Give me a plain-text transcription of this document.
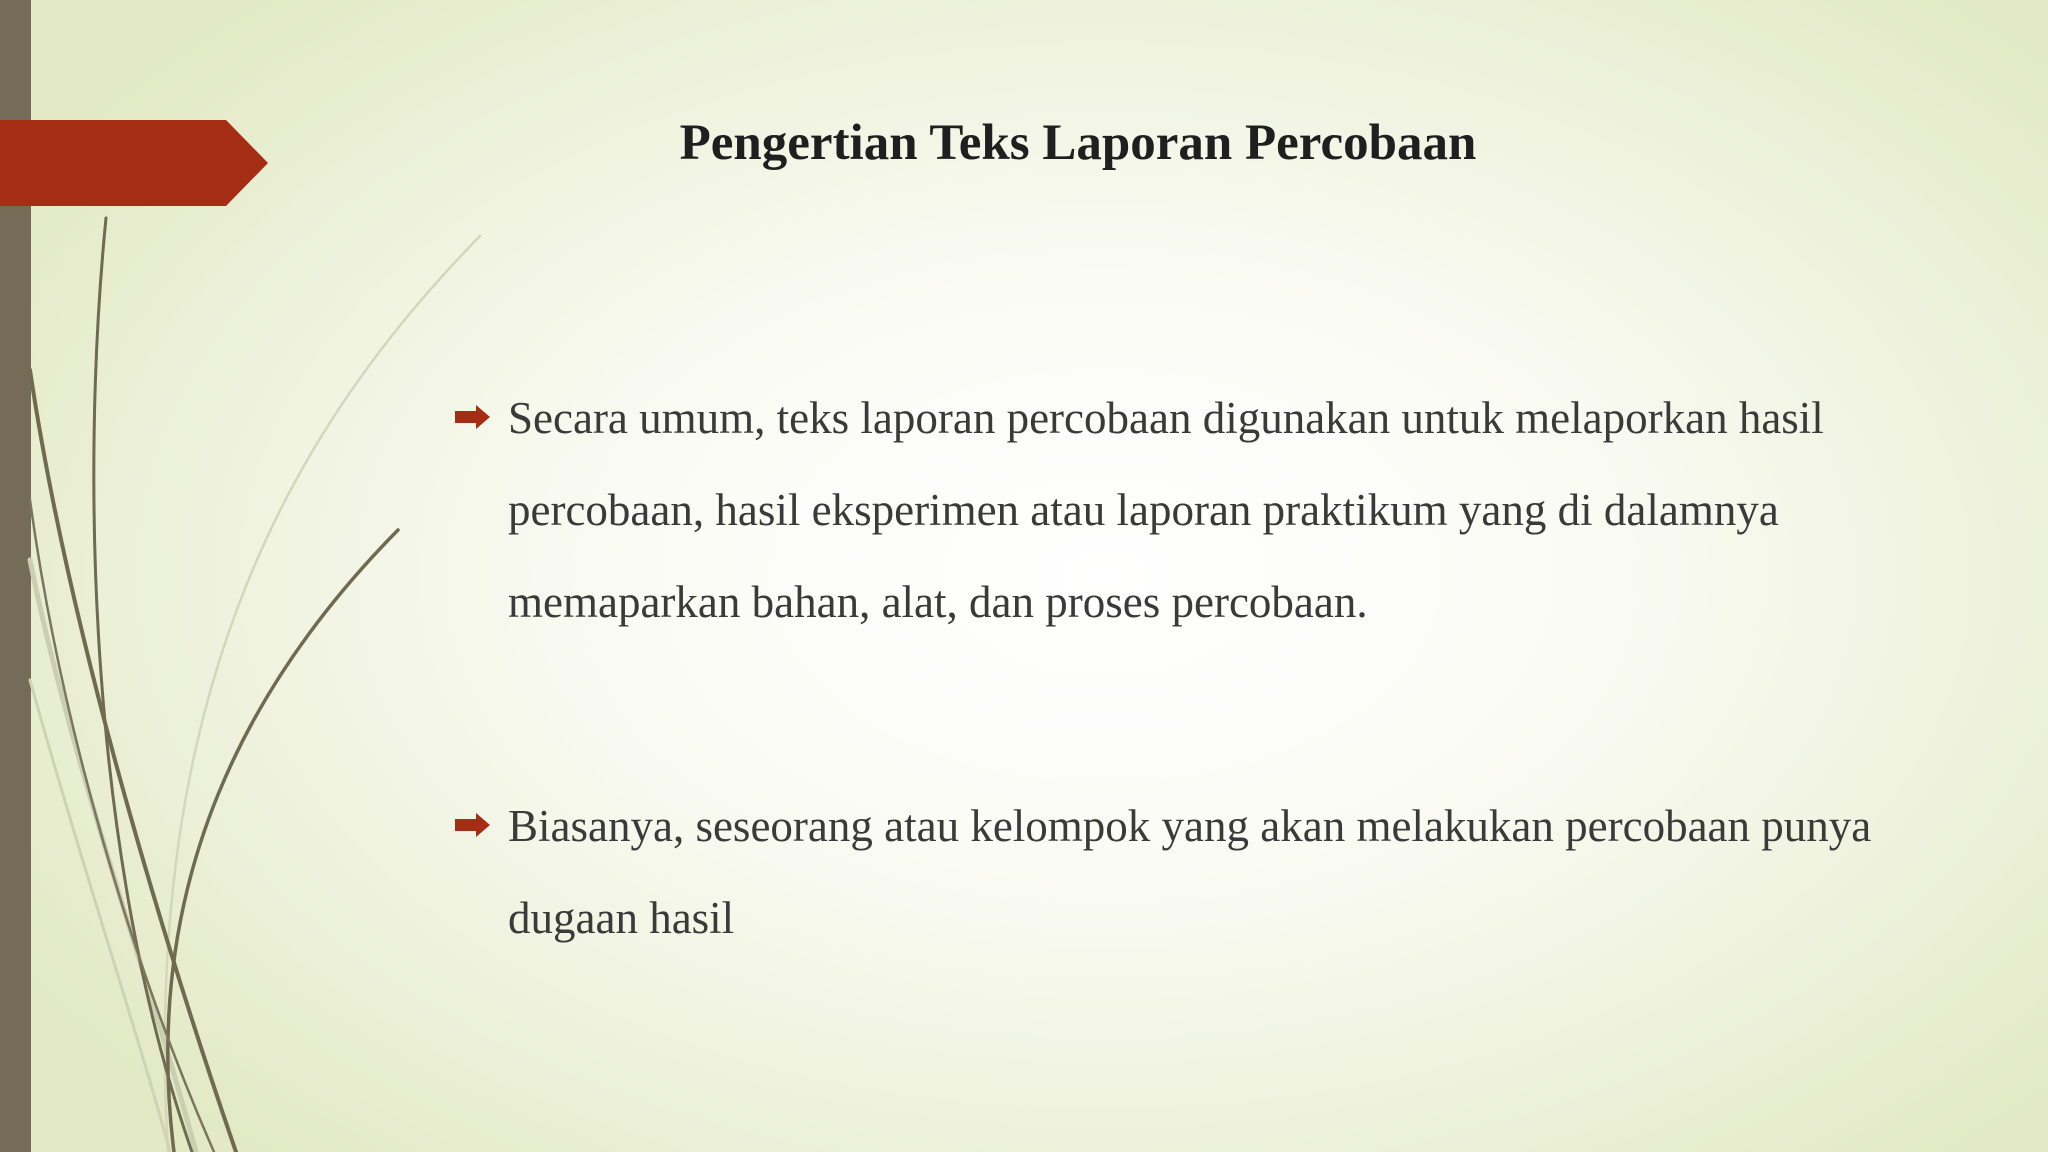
Pengertian Teks Laporan Percobaan
Secara umum, teks laporan percobaan digunakan untuk melaporkan hasil percobaan, hasil eksperimen atau laporan praktikum yang di dalamnya memaparkan bahan, alat, dan proses percobaan.
Biasanya, seseorang atau kelompok yang akan melakukan percobaan punya dugaan hasil
